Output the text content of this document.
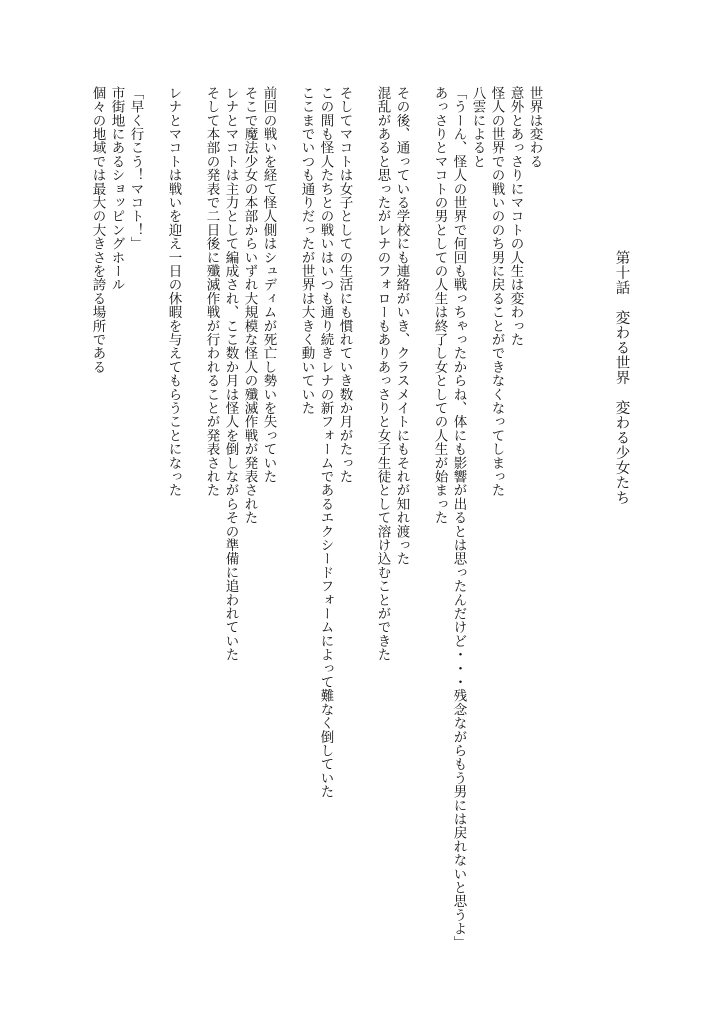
第十話　変わる世界　変わる少女たち
世界は変わる
意外とあっさりにマコトの人生は変わった
怪人の世界での戦いののち男に戻ることができなくなってしまった
八雲によると
「うーん、怪人の世界で何回も戦っちゃったからね、体にも影響が出るとは思ったんだけど・・・残念ながらもう男には戻れないと思うよ」
あっさりとマコトの男としての人生は終了し女としての人生が始まった
その後、通っている学校にも連絡がいき、クラスメイトにもそれが知れ渡った
混乱があると思ったがレナのフォローもありあっさりと女子生徒として溶け込むことができた
そしてマコトは女子としての生活にも慣れていき数か月がたった
この間も怪人たちとの戦いはいつも通り続きレナの新フォームであるエクシードフォームによって難なく倒していた
ここまでいつも通りだったが世界は大きく動いていた
前回の戦いを経て怪人側はシュディムが死亡し勢いを失っていた
そこで魔法少女の本部からいずれ大規模な怪人の殲滅作戦が発表された
レナとマコトは主力として編成され、ここ数か月は怪人を倒しながらその準備に追われていた
そして本部の発表で二日後に殲滅作戦が行われることが発表された
レナとマコトは戦いを迎え一日の休暇を与えてもらうことになった
「早く行こう！マコト！」
市街地にあるショッピングホール
個々の地域では最大の大きさを誇る場所である
